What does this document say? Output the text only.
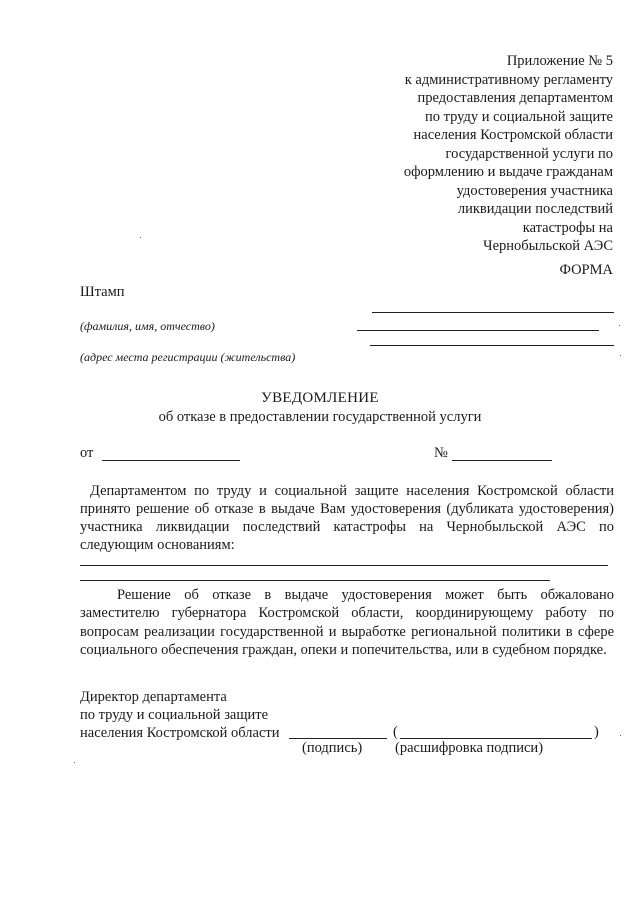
Приложение № 5
к административному регламенту
предоставления департаментом
по труду и социальной защите
населения Костромской области
государственной услуги по
оформлению и выдаче гражданам
удостоверения участника
ликвидации последствий
катастрофы на
Чернобыльской АЭС
ФОРМА
Штамп
(фамилия, имя, отчество)
(адрес места регистрации (жительства)
УВЕДОМЛЕНИЕ
об отказе в предоставлении государственной услуги
от	№
Департаментом по труду и социальной защите населения Костромской области принято решение об отказе в выдаче Вам удостоверения (дубликата удостоверения) участника ликвидации последствий катастрофы на Чернобыльской АЭС по следующим основаниям:
Решение об отказе в выдаче удостоверения может быть обжаловано заместителю губернатора Костромской области, координирующему работу по вопросам реализации государственной и выработке региональной политики в сфере социального обеспечения граждан, опеки и попечительства, или в судебном порядке.
Директор департамента
по труду и социальной защите
населения Костромской области	(	)
(подпись) (расшифровка подписи)
